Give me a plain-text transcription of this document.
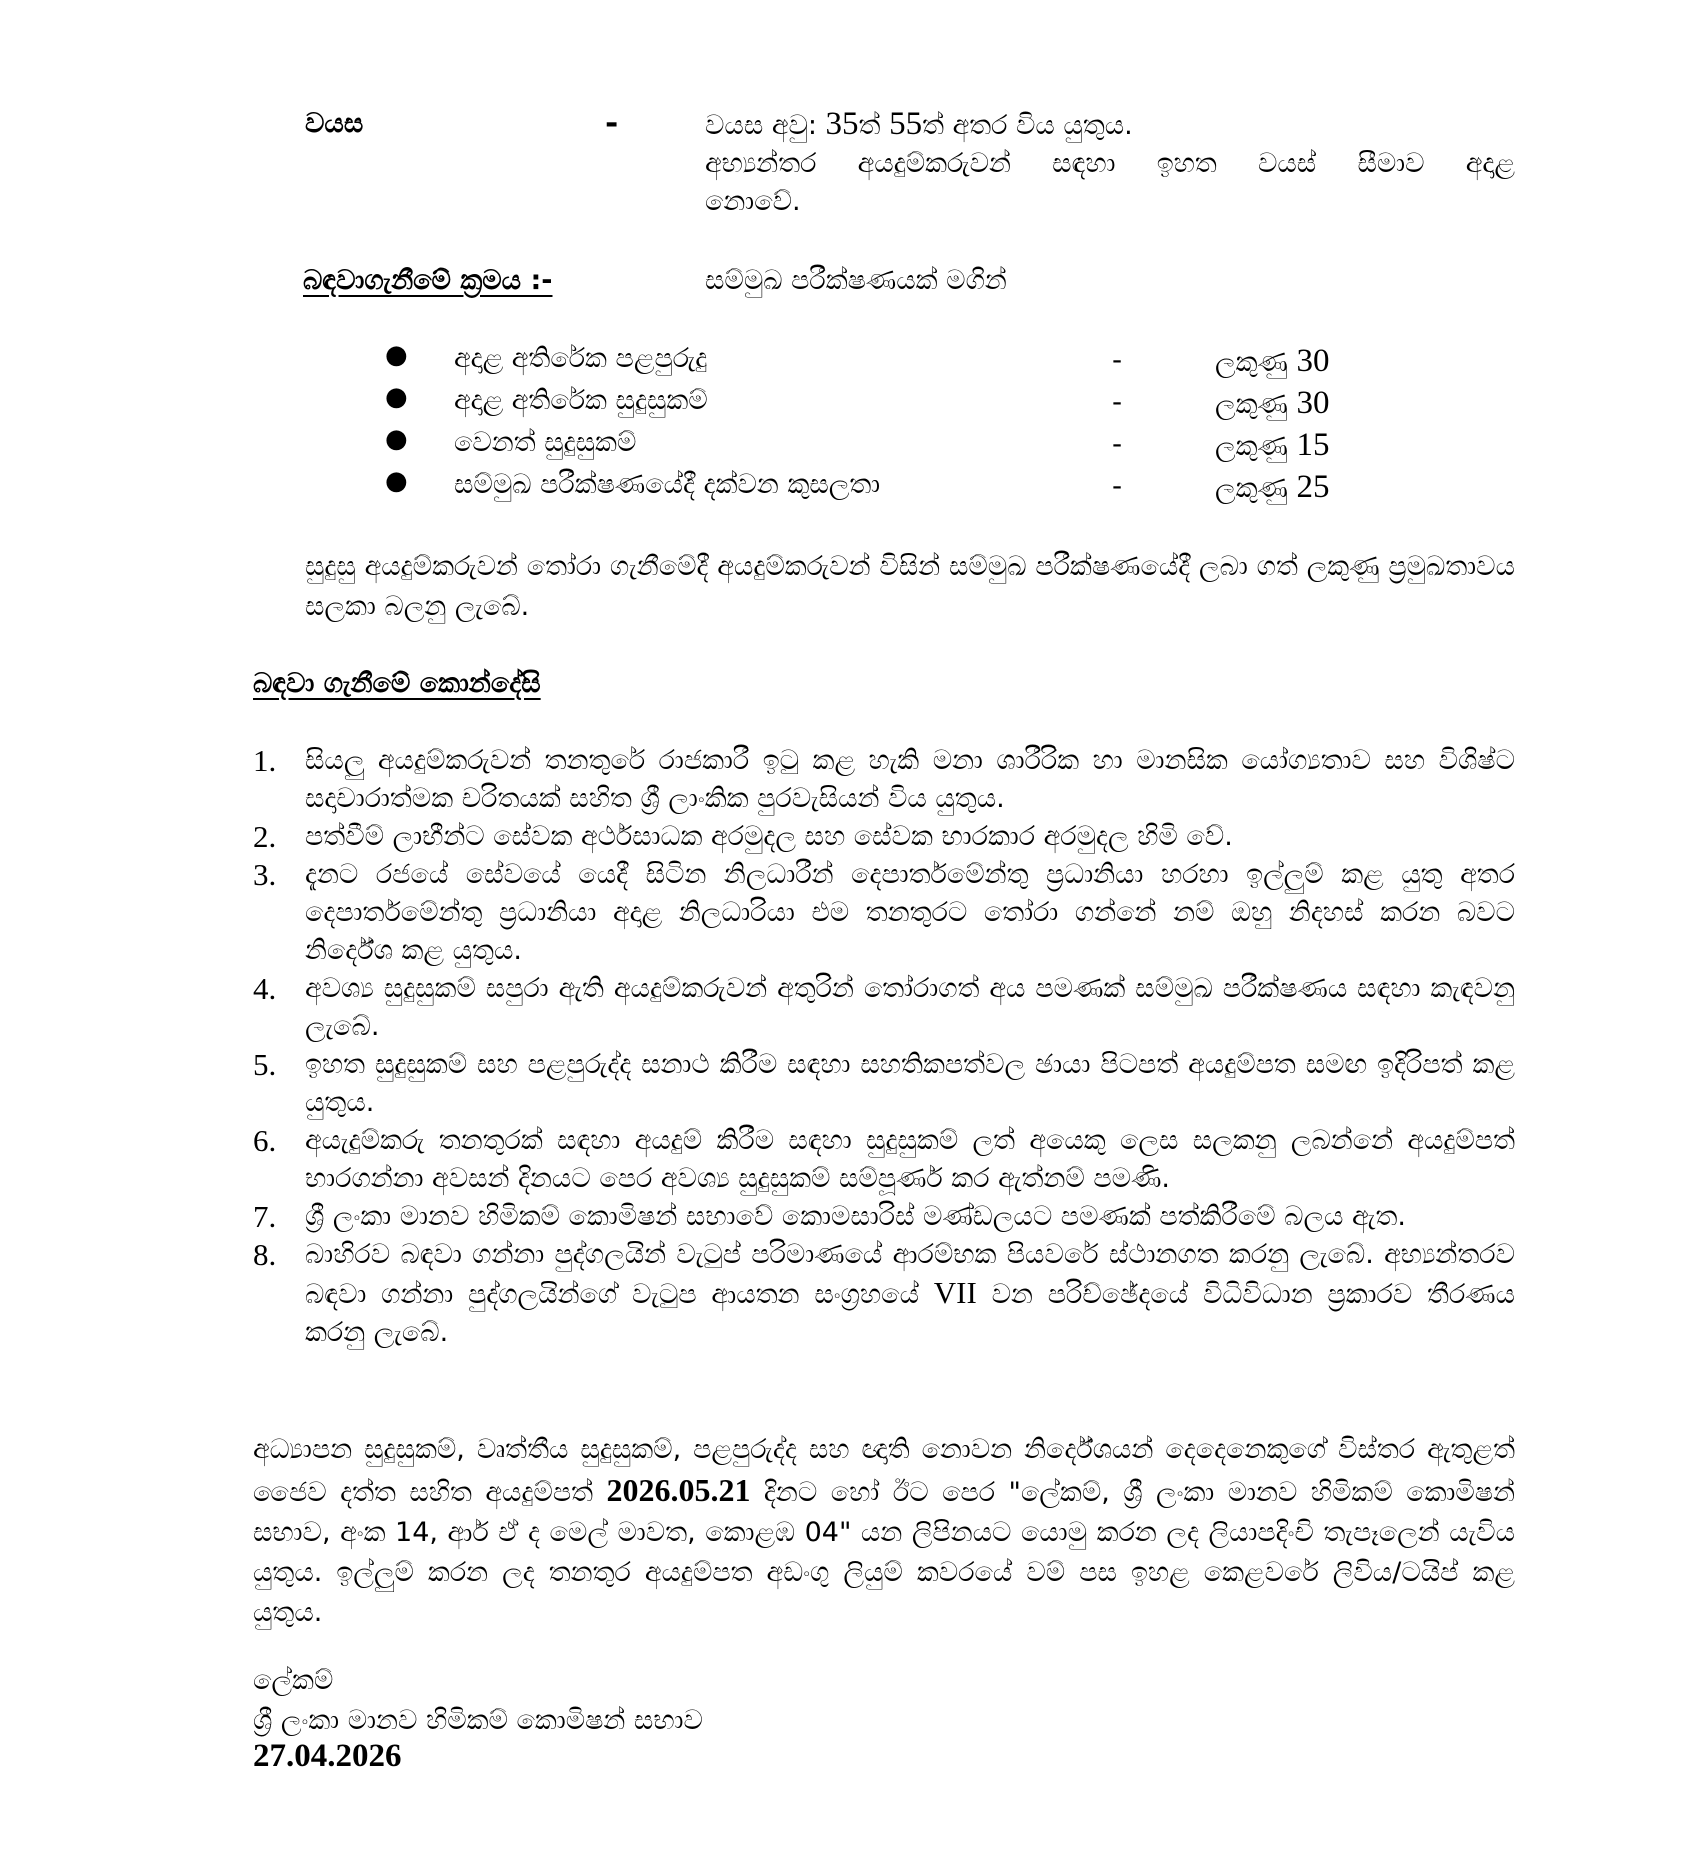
වයස	-	වයස අවු: 35ත් 55ත් අතර විය යුතුය.

අභ්‍යන්තර අයදුම්කරුවන් සඳහා ඉහත වයස් සීමාව අදාළ

නොවේ.

බඳවාගැනීමේ ක්‍රමය :-	සම්මුඛ පරීක්ෂණයක් මගින්
● අදාළ අතිරේක පළපුරුදු	-	ලකුණු 30
● අදාළ අතිරේක සුදුසුකම්	-	ලකුණු 30
● වෙනත් සුදුසුකම්	-	ලකුණු 15
● සම්මුඛ පරීක්ෂණයේදී දක්වන කුසලතා	-	ලකුණු 25

සුදුසු අයදුම්කරුවන් තෝරා ගැනීමේදී අයදුම්කරුවන් විසින් සම්මුඛ පරීක්ෂණයේදී ලබා ගත් ලකුණු ප්‍රමුඛතාවය සලකා බලනු ලැබේ.

බඳවා ගැනීමේ කොන්දේසි
1. සියලු අයදුම්කරුවන් තනතුරේ රාජකාරී ඉටු කළ හැකි මනා ශාරීරික හා මානසික යෝග්‍යතාව සහ විශිෂ්ට සදාචාරාත්මක චරිතයක් සහිත ශ්‍රී ලාංකික පුරවැසියන් විය යුතුය.
2. පත්වීම් ලාභීන්ට සේවක අර්ථසාධක අරමුදල සහ සේවක භාරකාර අරමුදල හිමි වේ.
3. දැනට රජයේ සේවයේ යෙදී සිටින නිලධාරීන් දෙපාර්තමේන්තු ප්‍රධානියා හරහා ඉල්ලුම් කළ යුතු අතර දෙපාර්තමේන්තු ප්‍රධානියා අදාළ නිලධාරියා එම තනතුරට තෝරා ගන්නේ නම් ඔහු නිදහස් කරන බවට නිර්දේශ කළ යුතුය.
4. අවශ්‍ය සුදුසුකම් සපුරා ඇති අයදුම්කරුවන් අතුරින් තෝරාගත් අය පමණක් සම්මුඛ පරීක්ෂණය සඳහා කැඳවනු ලැබේ.
5. ඉහත සුදුසුකම් සහ පළපුරුද්ද සනාථ කිරීම සඳහා සහතිකපත්වල ඡායා පිටපත් අයදුම්පත සමඟ ඉදිරිපත් කළ යුතුය.
6. අයැදුම්කරු තනතුරක් සඳහා අයදුම් කිරීම සඳහා සුදුසුකම් ලත් අයෙකු ලෙස සලකනු ලබන්නේ අයදුම්පත් භාරගන්නා අවසන් දිනයට පෙර අවශ්‍ය සුදුසුකම් සම්පූර්ණ කර ඇත්නම් පමණි.
7. ශ්‍රී ලංකා මානව හිමිකම් කොමිෂන් සභාවේ කොමසාරිස් මණ්ඩලයට පමණක් පත්කිරීමේ බලය ඇත.
8. බාහිරව බඳවා ගන්නා පුද්ගලයින් වැටුප් පරිමාණයේ ආරම්භක පියවරේ ස්ථානගත කරනු ලැබේ. අභ්‍යන්තරව බඳවා ගන්නා පුද්ගලයින්ගේ වැටුප ආයතන සංග්‍රහයේ VII වන පරිච්ඡේදයේ විධිවිධාන ප්‍රකාරව තීරණය කරනු ලැබේ.

අධ්‍යාපන සුදුසුකම්, වෘත්තීය සුදුසුකම්, පළපුරුද්ද සහ ඥාති නොවන නිර්දේශයන් දෙදෙනෙකුගේ විස්තර ඇතුළත් ජෛව දත්ත සහිත අයදුම්පත් 2026.05.21 දිනට හෝ ඊට පෙර "ලේකම්, ශ්‍රී ලංකා මානව හිමිකම් කොමිෂන් සභාව, අංක 14, ආර් ඒ ද මෙල් මාවත, කොළඹ 04" යන ලිපිනයට යොමු කරන ලද ලියාපදිංචි තැපෑලෙන් යැවිය යුතුය. ඉල්ලුම් කරන ලද තනතුර අයදුම්පත අඩංගු ලියුම් කවරයේ වම් පස ඉහළ කෙළවරේ ලිවිය/ටයිප් කළ යුතුය.

ලේකම්
ශ්‍රී ලංකා මානව හිමිකම් කොමිෂන් සභාව
27.04.2026
